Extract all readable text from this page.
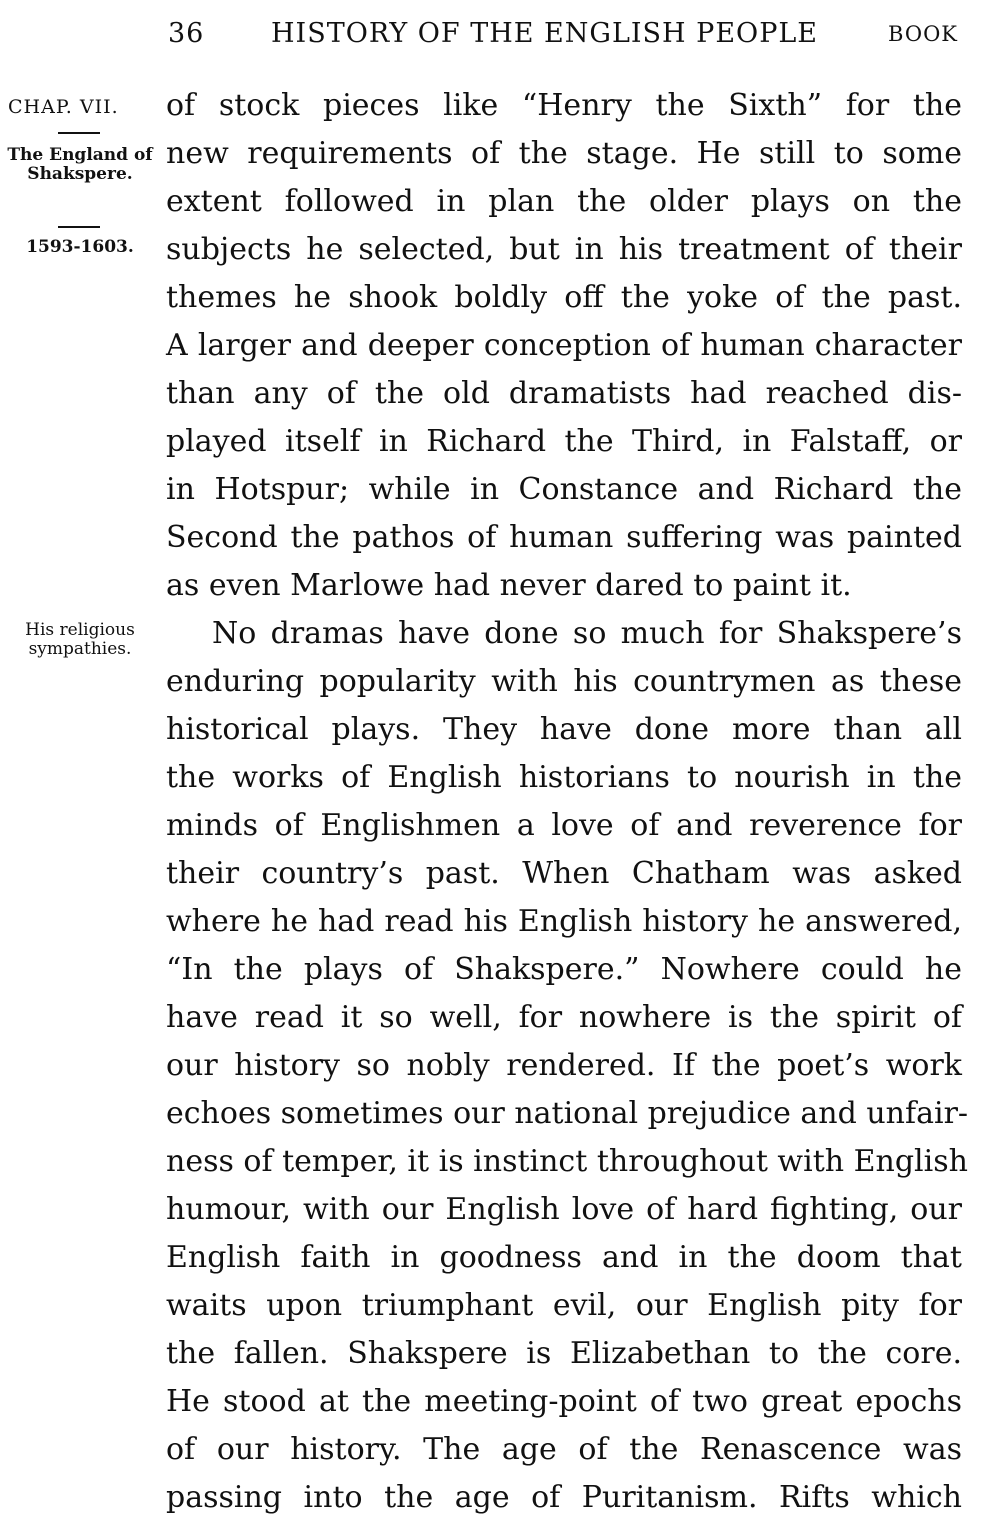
36 HISTORY OF THE ENGLISH PEOPLE	BOOK
CHAP. VII.
The England of Shakspere.
1593-1603.
His religious sympathies.
of stock pieces like “Henry the Sixth” for the
new requirements of the stage. He still to some
extent followed in plan the older plays on the
subjects he selected, but in his treatment of their
themes he shook boldly off the yoke of the past.
A larger and deeper conception of human character
than any of the old dramatists had reached dis-
played itself in Richard the Third, in Falstaff, or
in Hotspur; while in Constance and Richard the
Second the pathos of human suffering was painted
as even Marlowe had never dared to paint it.
No dramas have done so much for Shakspere’s
enduring popularity with his countrymen as these
historical plays. They have done more than all
the works of English historians to nourish in the
minds of Englishmen a love of and reverence for
their country’s past. When Chatham was asked
where he had read his English history he answered,
“In the plays of Shakspere.” Nowhere could he
have read it so well, for nowhere is the spirit of
our history so nobly rendered. If the poet’s work
echoes sometimes our national prejudice and unfair-
ness of temper, it is instinct throughout with English
humour, with our English love of hard fighting, our
English faith in goodness and in the doom that
waits upon triumphant evil, our English pity for
the fallen. Shakspere is Elizabethan to the core.
He stood at the meeting-point of two great epochs
of our history. The age of the Renascence was
passing into the age of Puritanism. Rifts which
